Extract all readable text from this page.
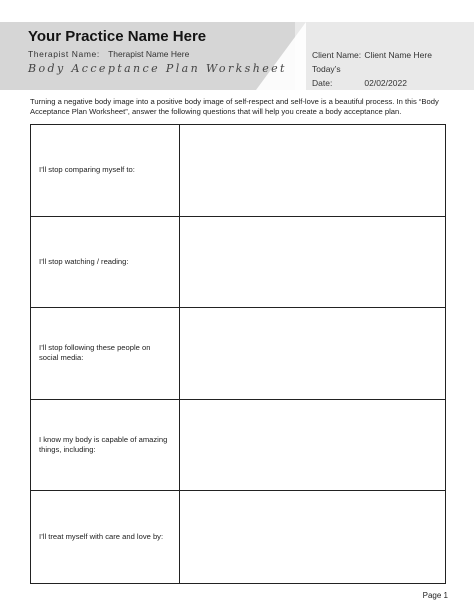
Your Practice Name Here
Therapist Name: Therapist Name Here
Body Acceptance Plan Worksheet
Client Name: Client Name Here
Today’s Date:	02/02/2022

Turning a negative body image into a positive body image of self-respect and self-love is a beautiful process. In this “Body Acceptance Plan Worksheet”, answer the following questions that will help you create a body acceptance plan.

I’ll stop comparing myself to:
I’ll stop watching / reading:
I’ll stop following these people on social media:
I know my body is capable of amazing things, including:
I’ll treat myself with care and love by:
Page 1
